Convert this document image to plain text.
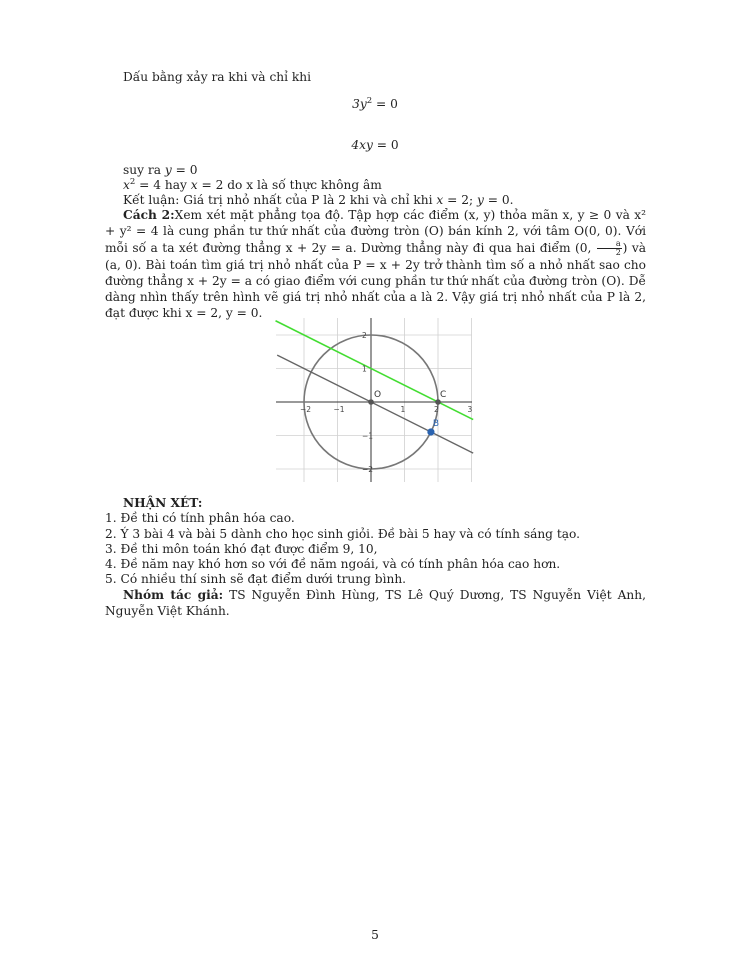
Dấu bằng xảy ra khi và chỉ khi
$3y^2 = 0$
4xy = 0
suy ra y = 0
$x^2 = 4$ hay x = 2 do x là số thực không âm
Kết luận: Giá trị nhỏ nhất của P là 2 khi và chỉ khi x = 2; y = 0.
Cách 2:Xem xét mặt phẳng tọa độ. Tập hợp các điểm (x, y) thỏa mãn x, y ≥ 0 và x² + y² = 4 là cung phần tư thứ nhất của đường tròn (O) bán kính 2, với tâm O(0, 0). Với mỗi số a ta xét đường thẳng x + 2y = a. Dường thẳng này đi qua hai điểm (0, $\frac{a}{2}$ ) và (a, 0). Bài toán tìm giá trị nhỏ nhất của P = x + 2y trở thành tìm số a nhỏ nhất sao cho đường thẳng x + 2y = a có giao điểm với cung phần tư thứ nhất của đường tròn (O). Dễ dàng nhìn thấy trên hình vẽ giá trị nhỏ nhất của a là 2. Vậy giá trị nhỏ nhất của P là 2, đạt được khi x = 2, y = 0.
−2	−1	1	2	3
2
1
−1
−2
O	C
B
NHẬN XÉT:
1. Đề thi có tính phân hóa cao.
2. Ý 3 bài 4 và bài 5 dành cho học sinh giỏi. Đề bài 5 hay và có tính sáng tạo.
3. Đề thi môn toán khó đạt được điểm 9, 10,
4. Đề năm nay khó hơn so với đề năm ngoái, và có tính phân hóa cao hơn.
5. Có nhiều thí sinh sẽ đạt điểm dưới trung bình.
Nhóm tác giả: TS Nguyễn Đình Hùng, TS Lê Quý Dương, TS Nguyễn Việt Anh, Nguyễn Việt Khánh.
5
